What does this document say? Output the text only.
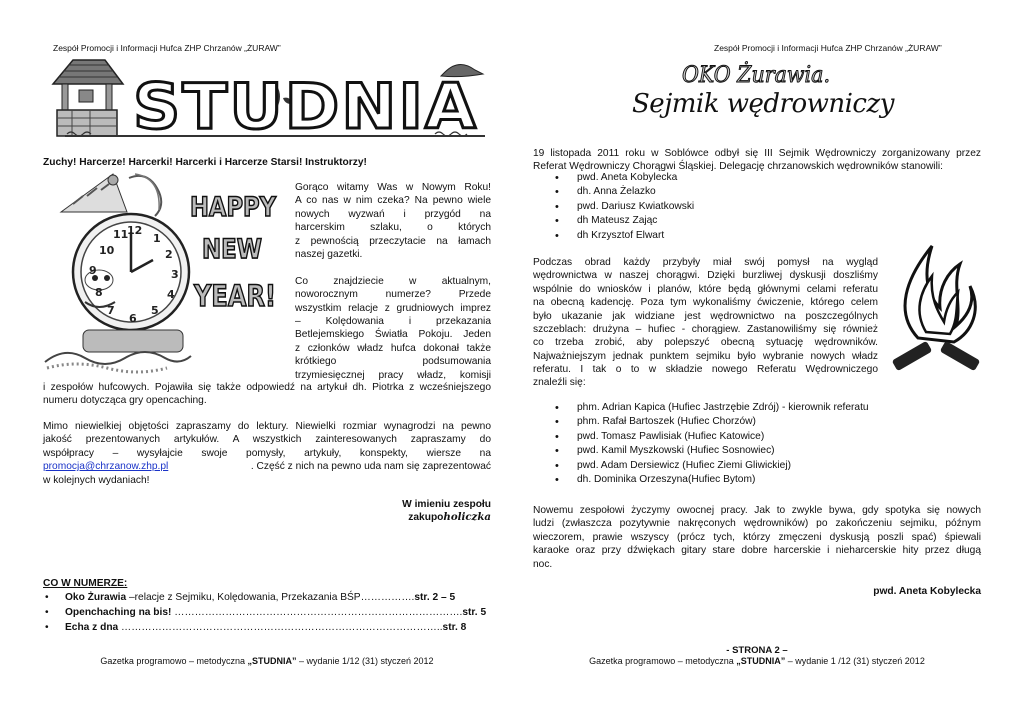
Zespół Promocji i Informacji Hufca ZHP Chrzanów „ŻURAW”
STUDNIA
Zuchy! Harcerze! Harcerki! Harcerki i Harcerze Starsi! Instruktorzy!
12
11 1
10	2
9	3
8	4
7	5
6
HAPPY
NEW
YEAR!
Gorąco witamy Was w Nowym Roku!
A co nas w nim czeka? Na pewno wiele
nowych wyzwań i przygód na
harcerskim szlaku, o których
z pewnością przeczytacie na łamach
naszej gazetki.
Co znajdziecie w aktualnym,
noworocznym numerze? Przede
wszystkim relacje z grudniowych imprez
– Kolędowania i przekazania
Betlejemskiego Światła Pokoju. Jeden
z członków władz hufca dokonał także
krótkiego podsumowania
trzymiesięcznej pracy władz, komisji
i zespołów hufcowych. Pojawiła się także odpowiedź na artykuł dh. Piotrka z wcześniejszego
numeru dotycząca gry opencaching.
Mimo niewielkiej objętości zapraszamy do lektury. Niewielki rozmiar wynagrodzi na pewno
jakość prezentowanych artykułów. A wszystkich zainteresowanych zapraszamy do
współpracy – wysyłajcie swoje pomysły, artykuły, konspekty, wiersze na
promocja@chrzanow.zhp.pl	. Część z nich na pewno uda nam się zaprezentować
w kolejnych wydaniach!
W imieniu zespołu
zakupoholiczka
CO W NUMERZE:
• Oko Żurawia –relacje z Sejmiku, Kolędowania, Przekazania BŚP…………….str. 2 – 5
• Openchaching na bis! ………………………………………………………………………….str. 5
• Echa z dna …………………………………………………………………………………..str. 8
Gazetka programowo – metodyczna „STUDNIA” – wydanie 1/12 (31) styczeń 2012
Zespół Promocji i Informacji Hufca ZHP Chrzanów „ŻURAW”
OKO Żurawia.
Sejmik wędrowniczy
19 listopada 2011 roku w Soblówce odbył się III Sejmik Wędrowniczy zorganizowany przez
Referat Wędrowniczy Chorągwi Śląskiej. Delegację chrzanowskich wędrowników stanowili:
• pwd. Aneta Kobylecka
• dh. Anna Żelazko
• pwd. Dariusz Kwiatkowski
• dh Mateusz Zając
• dh Krzysztof Elwart
Podczas obrad każdy przybyły miał swój pomysł na wygląd
wędrownictwa w naszej chorągwi. Dzięki burzliwej dyskusji doszliśmy
wspólnie do wniosków i planów, które będą głównymi celami referatu
na obecną kadencję. Poza tym wykonaliśmy ćwiczenie, którego celem
było ukazanie jak widziane jest wędrownictwo na poszczególnych
szczeblach: drużyna – hufiec - chorągiew. Zastanowiliśmy się również
co trzeba zrobić, aby polepszyć obecną sytuację wędrowników.
Najważniejszym jednak punktem sejmiku było wybranie nowych władz
referatu. I tak o to w składzie nowego Referatu Wędrowniczego
znaleźli się:
• phm. Adrian Kapica (Hufiec Jastrzębie Zdrój) - kierownik referatu
• phm. Rafał Bartoszek (Hufiec Chorzów)
• pwd. Tomasz Pawlisiak (Hufiec Katowice)
• pwd. Kamil Myszkowski (Hufiec Sosnowiec)
• pwd. Adam Dersiewicz (Hufiec Ziemi Gliwickiej)
• dh. Dominika Orzeszyna(Hufiec Bytom)
Nowemu zespołowi życzymy owocnej pracy. Jak to zwykle bywa, gdy spotyka się nowych
ludzi (zwłaszcza pozytywnie nakręconych wędrowników) po zakończeniu sejmiku, późnym
wieczorem, prawie wszyscy (prócz tych, którzy zmęczeni dyskusją poszli spać) śpiewali
karaoke oraz przy dźwiękach gitary stare dobre harcerskie i nieharcerskie hity przez długą
noc.
pwd. Aneta Kobylecka
- STRONA 2 –
Gazetka programowo – metodyczna „STUDNIA” – wydanie 1 /12 (31) styczeń 2012
